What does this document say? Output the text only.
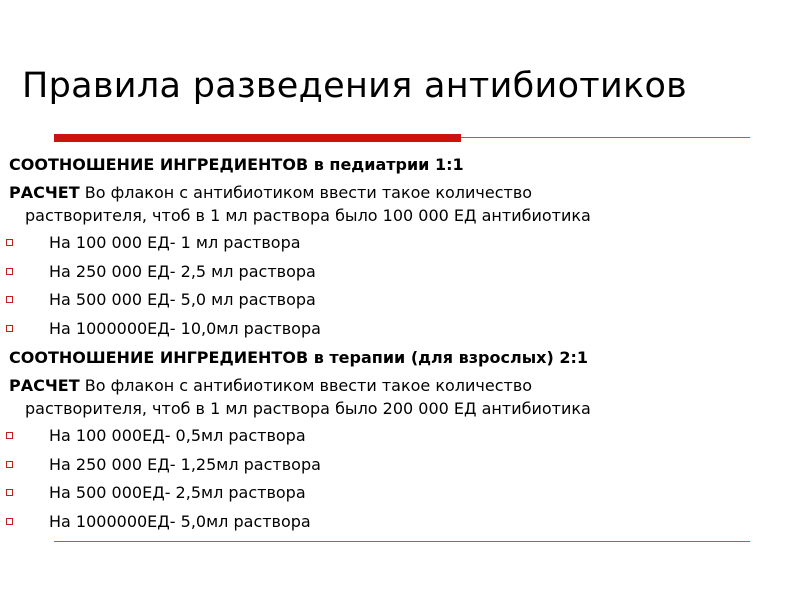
Правила разведения антибиотиков
СООТНОШЕНИЕ ИНГРЕДИЕНТОВ в педиатрии 1:1
РАСЧЕТ Во флакон с антибиотиком ввести такое количество
растворителя, чтоб в 1 мл раствора было 100 000 ЕД антибиотика
На 100 000 ЕД- 1 мл раствора
На 250 000 ЕД- 2,5 мл раствора
На 500 000 ЕД- 5,0 мл раствора
На 1000000ЕД- 10,0мл раствора
СООТНОШЕНИЕ ИНГРЕДИЕНТОВ в терапии (для взрослых) 2:1
РАСЧЕТ Во флакон с антибиотиком ввести такое количество
растворителя, чтоб в 1 мл раствора было 200 000 ЕД антибиотика
На 100 000ЕД- 0,5мл раствора
На 250 000 ЕД- 1,25мл раствора
На 500 000ЕД- 2,5мл раствора
На 1000000ЕД- 5,0мл раствора
